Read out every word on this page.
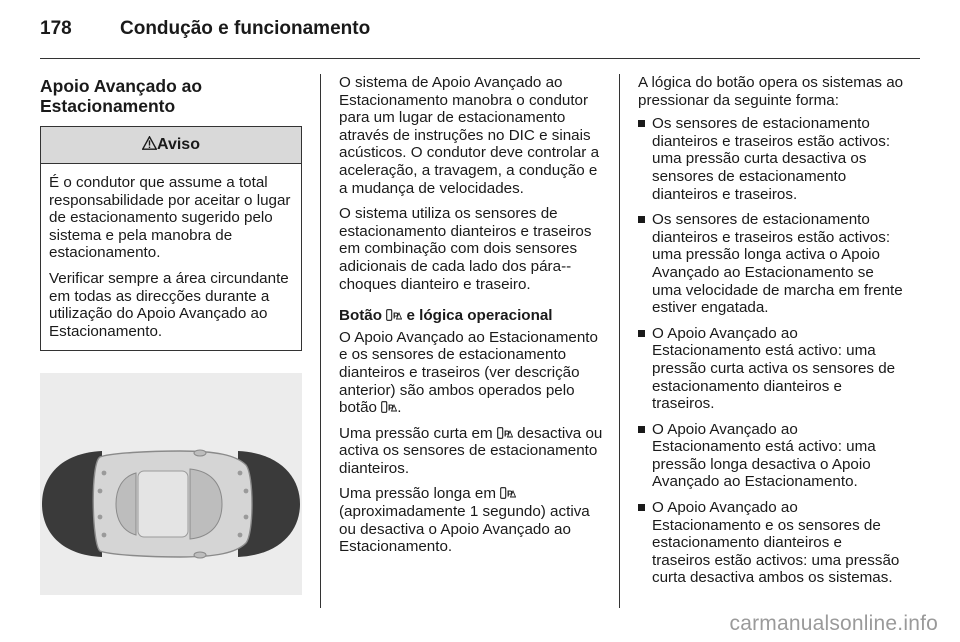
178	Condução e funcionamento
Apoio Avançado ao Estacionamento
Aviso

É o condutor que assume a total responsabilidade por aceitar o lugar de estacionamento sugerido pelo sistema e pela manobra de estacionamento.

Verificar sempre a área circundante em todas as direcções durante a utilização do Apoio Avançado ao Estacionamento.

O sistema de Apoio Avançado ao Estacionamento manobra o condutor para um lugar de estacionamento através de instruções no DIC e sinais acústicos. O condutor deve controlar a aceleração, a travagem, a condução e a mudança de velocidades.

O sistema utiliza os sensores de estacionamento dianteiros e traseiros em combinação com dois sensores adicionais de cada lado dos pára--choques dianteiro e traseiro.

Botão P e lógica operacional

O Apoio Avançado ao Estacionamento e os sensores de estacionamento dianteiros e traseiros (ver descrição anterior) são ambos operados pelo botão P .

Uma pressão curta em P desactiva ou activa os sensores de estacionamento dianteiros.

Uma pressão longa em P
(aproximadamente 1 segundo) activa ou desactiva o Apoio Avançado ao Estacionamento.

A lógica do botão opera os sistemas ao pressionar da seguinte forma:

Os sensores de estacionamento dianteiros e traseiros estão activos: uma pressão curta desactiva os sensores de estacionamento dianteiros e traseiros.
Os sensores de estacionamento dianteiros e traseiros estão activos: uma pressão longa activa o Apoio Avançado ao Estacionamento se uma velocidade de marcha em frente estiver engatada.
O Apoio Avançado ao Estacionamento está activo: uma pressão curta activa os sensores de estacionamento dianteiros e traseiros.
O Apoio Avançado ao Estacionamento está activo: uma pressão longa desactiva o Apoio Avançado ao Estacionamento.
O Apoio Avançado ao Estacionamento e os sensores de estacionamento dianteiros e traseiros estão activos: uma pressão curta desactiva ambos os sistemas.
carmanualsonline.info
